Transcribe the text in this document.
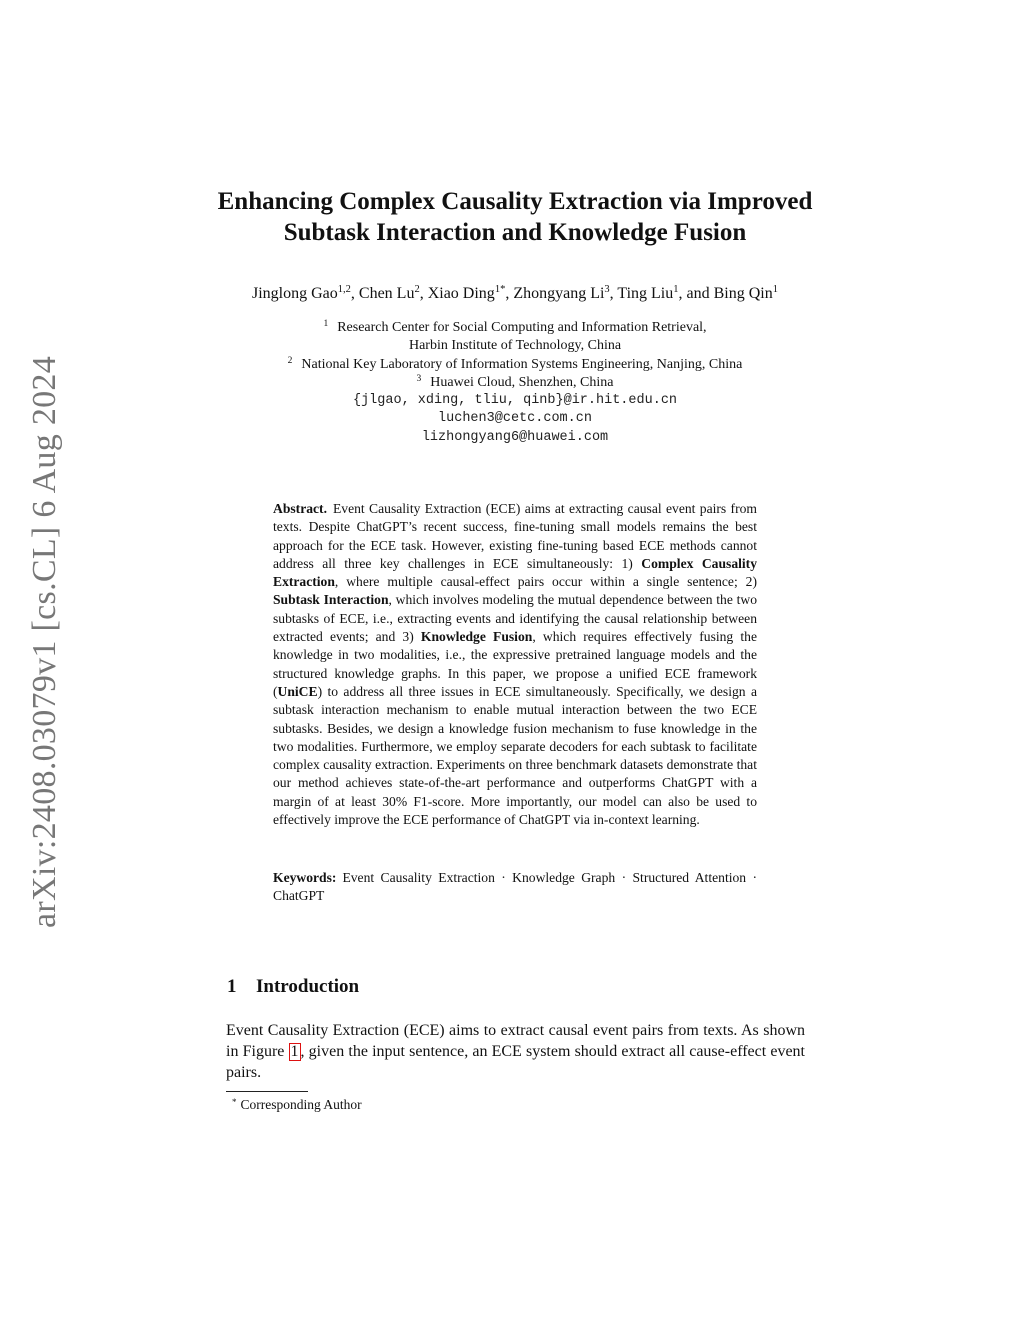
arXiv:2408.03079v1 [cs.CL] 6 Aug 2024
Enhancing Complex Causality Extraction via Improved
Subtask Interaction and Knowledge Fusion
Jinglong Gao$^{1,2}$, Chen Lu$^2$, Xiao Ding$^{1*}$, Zhongyang Li$^3$, Ting Liu$^1$, and Bing Qin$^1$
$^1$ Research Center for Social Computing and Information Retrieval,
Harbin Institute of Technology, China
$^2$ National Key Laboratory of Information Systems Engineering, Nanjing, China
$^3$ Huawei Cloud, Shenzhen, China
{jlgao, xding, tliu, qinb}@ir.hit.edu.cn
luchen3@cetc.com.cn
lizhongyang6@huawei.com

Abstract. Event Causality Extraction (ECE) aims at extracting causal event pairs from texts. Despite ChatGPT’s recent success, fine-tuning small models remains the best approach for the ECE task. However, existing fine-tuning based ECE methods cannot address all three key challenges in ECE simultaneously: 1) Complex Causality Extraction, where multiple causal-effect pairs occur within a single sentence; 2) Subtask Interaction, which involves modeling the mutual dependence between the two subtasks of ECE, i.e., extracting events and identifying the causal relationship between extracted events; and 3) Knowledge Fusion, which requires effectively fusing the knowledge in two modalities, i.e., the expressive pretrained language models and the structured knowledge graphs. In this paper, we propose a unified ECE framework (UniCE) to address all three issues in ECE simultaneously. Specifically, we design a subtask interaction mechanism to enable mutual interaction between the two ECE subtasks. Besides, we design a knowledge fusion mechanism to fuse knowledge in the two modalities. Furthermore, we employ separate decoders for each subtask to facilitate complex causality extraction. Experiments on three benchmark datasets demonstrate that our method achieves state-of-the-art performance and outperforms ChatGPT with a margin of at least 30% F1-score. More importantly, our model can also be used to effectively improve the ECE performance of ChatGPT via in-context learning.

Keywords: Event Causality Extraction · Knowledge Graph · Structured Attention · ChatGPT
1 Introduction

Event Causality Extraction (ECE) aims to extract causal event pairs from texts. As shown in Figure 1 , given the input sentence, an ECE system should extract all cause-effect event pairs.

* Corresponding Author
